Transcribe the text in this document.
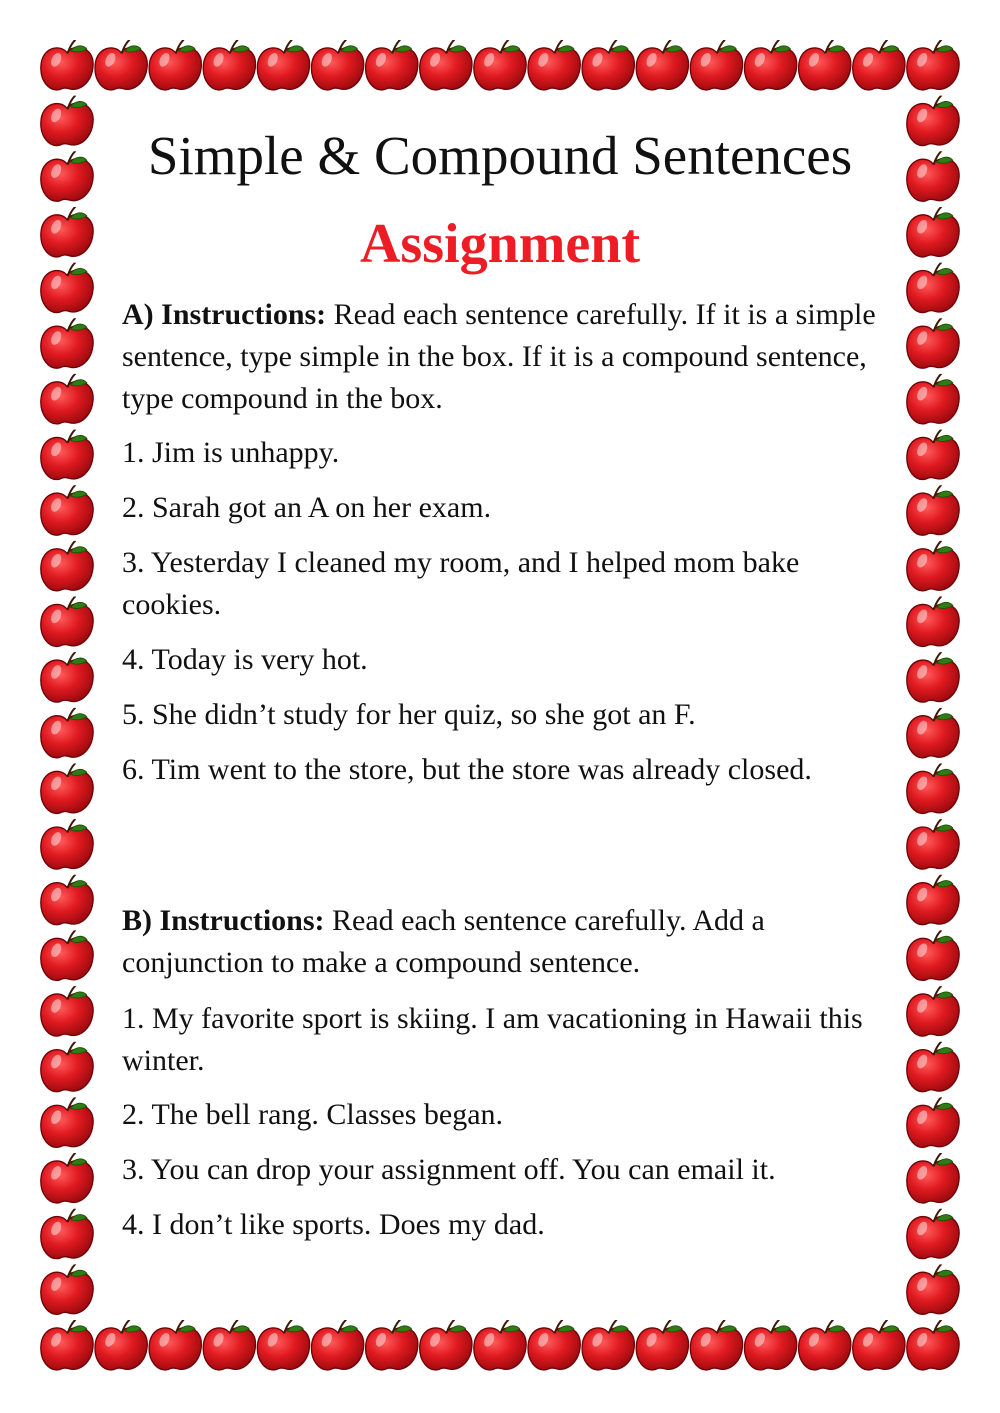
Simple & Compound Sentences
Assignment

A) Instructions: Read each sentence carefully. If it is a simple sentence, type simple in the box. If it is a compound sentence, type compound in the box.

1. Jim is unhappy.

2. Sarah got an A on her exam.

3. Yesterday I cleaned my room, and I helped mom bake cookies.

4. Today is very hot.

5. She didn’t study for her quiz, so she got an F.

6. Tim went to the store, but the store was already closed.

B) Instructions: Read each sentence carefully. Add a conjunction to make a compound sentence.

1. My favorite sport is skiing. I am vacationing in Hawaii this winter.

2. The bell rang. Classes began.

3. You can drop your assignment off. You can email it.

4. I don’t like sports. Does my dad.
